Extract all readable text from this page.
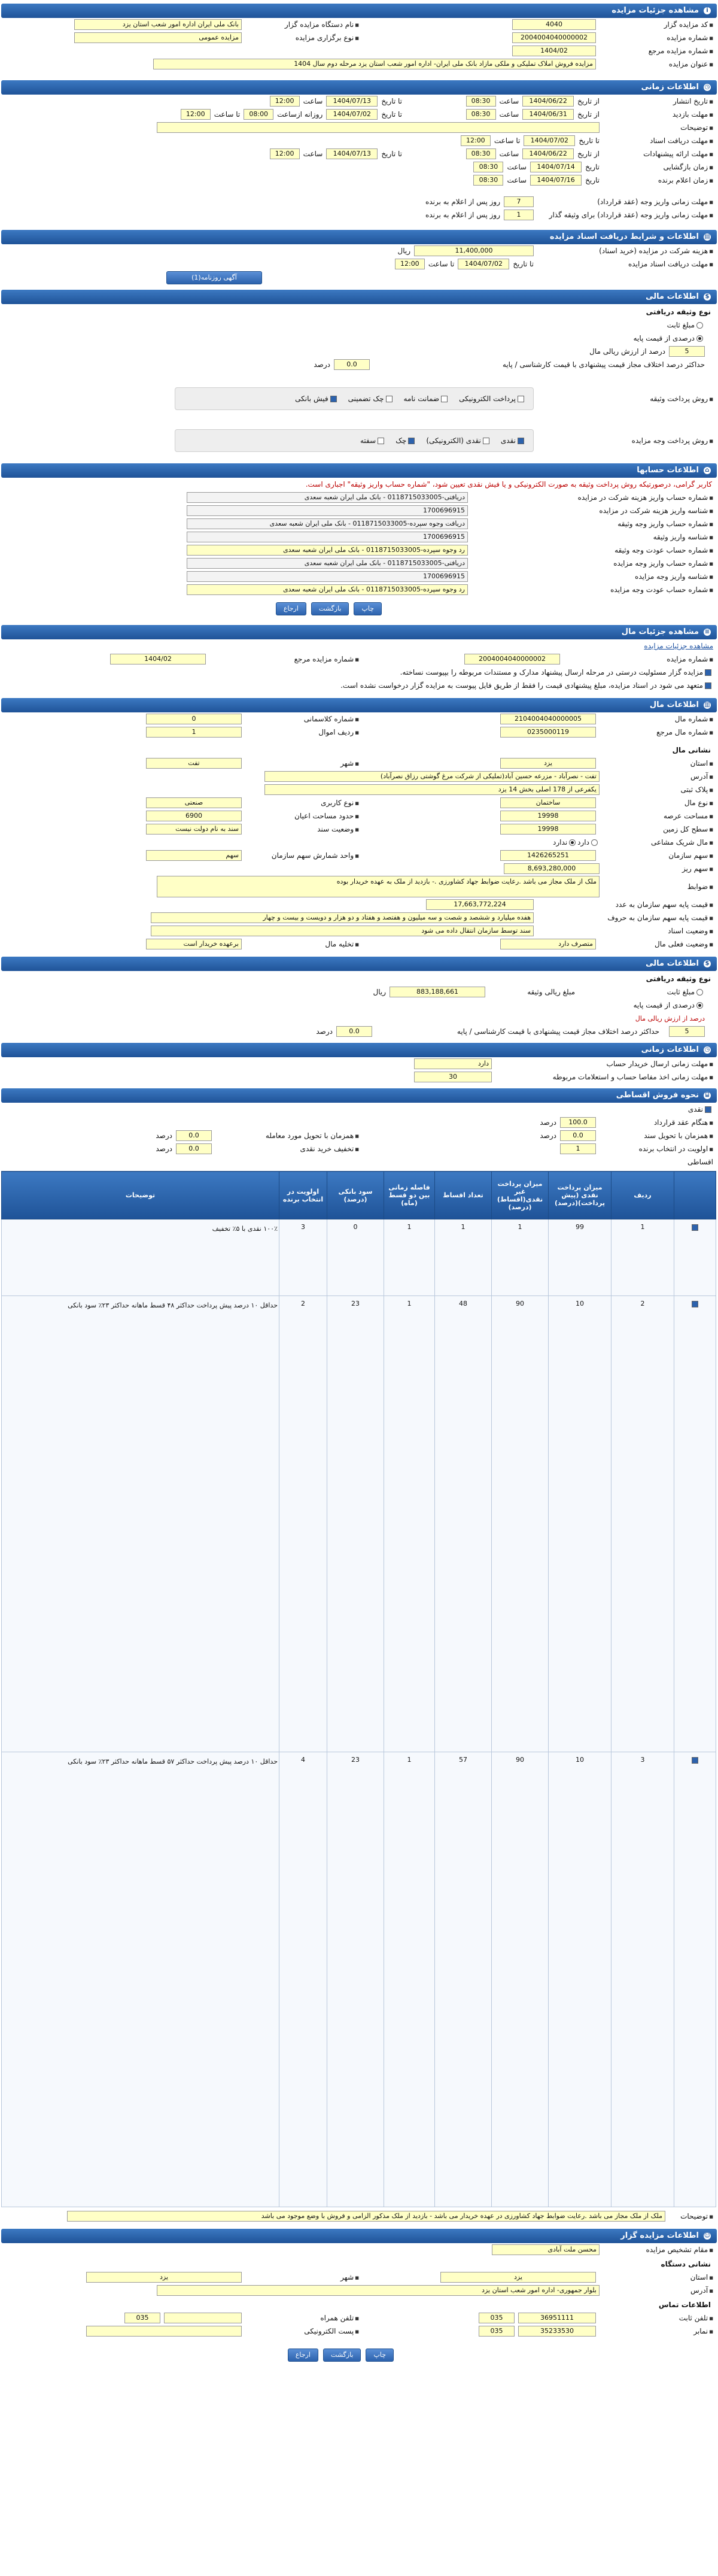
i
مشاهده جزئیات مزایده
■ کد مزایده گزار
4040
■ نام دستگاه مزایده گزار
بانک ملی ایران اداره امور شعب استان یزد
■ شماره مزایده
2004004040000002
■ نوع برگزاری مزایده
مزایده عمومی
■ شماره مزایده مرجع
1404/02
■ عنوان مزایده
مزایده فروش املاک تملیکی و ملکی مازاد بانک ملی ایران- اداره امور شعب استان یزد مرحله دوم سال 1404
◷
اطلاعات زمانی
■ تاریخ انتشار
از تاریخ
1404/06/22
ساعت
08:30
تا تاریخ
1404/07/13
ساعت
12:00
■ مهلت بازدید
از تاریخ
1404/06/31
ساعت
08:30
تا تاریخ
1404/07/02
روزانه ازساعت
08:00
تا ساعت
12:00
■ توضیحات
■ مهلت دریافت اسناد
تا تاریخ
1404/07/02
تا ساعت
12:00
■ مهلت ارائه پیشنهادات
از تاریخ
1404/06/22
ساعت
08:30
تا تاریخ
1404/07/13
ساعت
12:00
■ زمان بازگشایی
تاریخ
1404/07/14
ساعت
08:30
■ زمان اعلام برنده
تاریخ
1404/07/16
ساعت
08:30
■ مهلت زمانی واریز وجه (عقد قرارداد)
7
روز پس از اعلام به برنده
■ مهلت زمانی واریز وجه (عقد قرارداد) برای وثیقه گذار
1
روز پس از اعلام به برنده
▤
اطلاعات و شرایط دریافت اسناد مزایده
■ هزینه شرکت در مزایده (خرید اسناد)
11,400,000
ریال
■ مهلت دریافت اسناد مزایده
تا تاریخ
1404/07/02
تا ساعت
12:00
آگهی روزنامه(1)
$
اطلاعات مالی
نوع وثیقه دریافتی
مبلغ ثابت
درصدی از قیمت پایه
5
درصد از ارزش ریالی مال
حداکثر درصد اختلاف مجاز قیمت پیشنهادی با قیمت کارشناسی / پایه
0.0
درصد
■ روش پرداخت وثیقه
پرداخت الکترونیکی
ضمانت نامه
چک تضمینی
فیش بانکی
■ روش پرداخت وجه مزایده
نقدی
نقدی (الکترونیکی)
چک
سفته
⌂
اطلاعات حسابها
کاربر گرامی، درصورتیکه روش پرداخت وثیقه به صورت الکترونیکی و یا فیش نقدی تعیین شود، "شماره حساب واریز وثیقه" اجباری است.
■ شماره حساب واریز هزینه شرکت در مزایده
دریافتی-0118715033005 - بانک ملی ایران شعبه سعدی
■ شناسه واریز هزینه شرکت در مزایده
1700696915
■ شماره حساب واریز وجه وثیقه
دریافت وجوه سپرده-0118715033005 - بانک ملی ایران شعبه سعدی
■ شناسه واریز وثیقه
1700696915
■ شماره حساب عودت وجه وثیقه
رد وجوه سپرده-0118715033005 - بانک ملی ایران شعبه سعدی
■ شماره حساب واریز وجه مزایده
دریافتی-0118715033005 - بانک ملی ایران شعبه سعدی
■ شناسه واریز وجه مزایده
1700696915
■ شماره حساب عودت وجه مزایده
رد وجوه سپرده-0118715033005 - بانک ملی ایران شعبه سعدی
چاپ
بازگشت
ارجاع
≡
مشاهده جزئیات مال
مشاهده جزئیات مزایده
■ شماره مزایده
2004004040000002
■ شماره مزایده مرجع
1404/02
مزایده گزار مسئولیت درستی در مرحله ارسال پیشنهاد مدارک و مستندات مربوطه را بپیوست نساخته.
متعهد می شود در اسناد مزایده، مبلغ پیشنهادی قیمت را فقط از طریق فایل پیوست به مزایده گزار درخواست نشده است.
▥
اطلاعات مال
■ شماره مال
2104004040000005
■ شماره کلاسمانی
0
■ شماره مال مرجع
0235000119
■ ردیف اموال
1
نشانی مال
■ استان
یزد
■ شهر
تفت
■ آدرس
تفت - نصرآباد - مزرعه حسین آباد(تملیکی از شرکت مرغ گوشتی رزاق نصرآباد)
■ پلاک ثبتی
یکفرعی از 178 اصلی بخش 14 یزد
■ نوع مال
ساختمان
■ نوع کاربری
صنعتی
■ مساحت عرصه
19998
■ حدود مساحت اعیان
6900
■ سطح کل زمین
19998
■ وضعیت سند
سند به نام دولت نیست
■ مال شریک مشاعی
دارد
ندارد
■ سهم سازمان
1426265251
■ واحد شمارش سهم سازمان
سهم
■ سهم ریز
8,693,280,000
■ ضوابط
ملک از ملک مجاز می باشد .رعایت ضوابط جهاد کشاورزی .- بازدید از ملک به عهده خریدار بوده
■ قیمت پایه سهم سازمان به عدد
17,663,772,224
■ قیمت پایه سهم سازمان به حروف
هفده میلیارد و ششصد و شصت و سه میلیون و هفتصد و هفتاد و دو هزار و دویست و بیست و چهار
■ وضعیت اسناد
سند توسط سازمان انتقال داده می شود
■ وضعیت فعلی مال
متصرف دارد
■ تخلیه مال
برعهده خریدار است
$
اطلاعات مالی
نوع وثیقه دریافتی
مبلغ ثابت
مبلغ ریالی وثیقه
883,188,661
ریال
درصدی از قیمت پایه
درصد از ارزش ریالی مال
5
حداکثر درصد اختلاف مجاز قیمت پیشنهادی با قیمت کارشناسی / پایه
0.0
درصد
◷
اطلاعات زمانی
■ مهلت زمانی ارسال خریدار حساب
دارد
■ مهلت زمانی اخذ مفاصا حساب و استعلامات مربوطه
30
⌸
نحوه فروش اقساطی
نقدی
■ هنگام عقد قرارداد
100.0
درصد
■ همزمان با تحویل سند
0.0
درصد
■ همزمان با تحویل مورد معامله
0.0
درصد
■ اولویت در انتخاب برنده
1
■ تخفیف خرید نقدی
0.0
درصد
اقساطی
	ردیف	میزان پرداخت نقدی (پیش پرداخت)(درصد)	میزان پرداخت غیر نقدی(اقساط) (درصد)	تعداد اقساط	فاصله زمانی بین دو قسط (ماه)	سود بانکی (درصد)	اولویت در انتخاب برنده	توضیحات
	1	99	1	1	1	0	3	۱۰۰٪ نقدی با ۵٪ تخفیف
	2	10	90	48	1	23	2	حداقل ۱۰ درصد پیش پرداخت حداکثر ۴۸ قسط ماهانه حداکثر ۲۳٪ سود بانکی
	3	10	90	57	1	23	4	حداقل ۱۰ درصد پیش پرداخت حداکثر ۵۷ قسط ماهانه حداکثر ۲۳٪ سود بانکی
■ توضیحات
ملک از ملک مجاز می باشد .رعایت ضوابط جهاد کشاورزی در عهده خریدار می باشد - بازدید از ملک مذکور الزامی و فروش با وضع موجود می باشد
☺
اطلاعات مزایده گزار
■ مقام تشخیص مزایده
محسن ملت آبادی
نشانی دستگاه
■ استان
یزد
■ شهر
یزد
■ آدرس
بلوار جمهوری- اداره امور شعب استان یزد
اطلاعات تماس
■ تلفن ثابت
36951111
035
■ تلفن همراه
035
■ نمابر
35233530
035
■ پست الکترونیکی
چاپ
بازگشت
ارجاع
